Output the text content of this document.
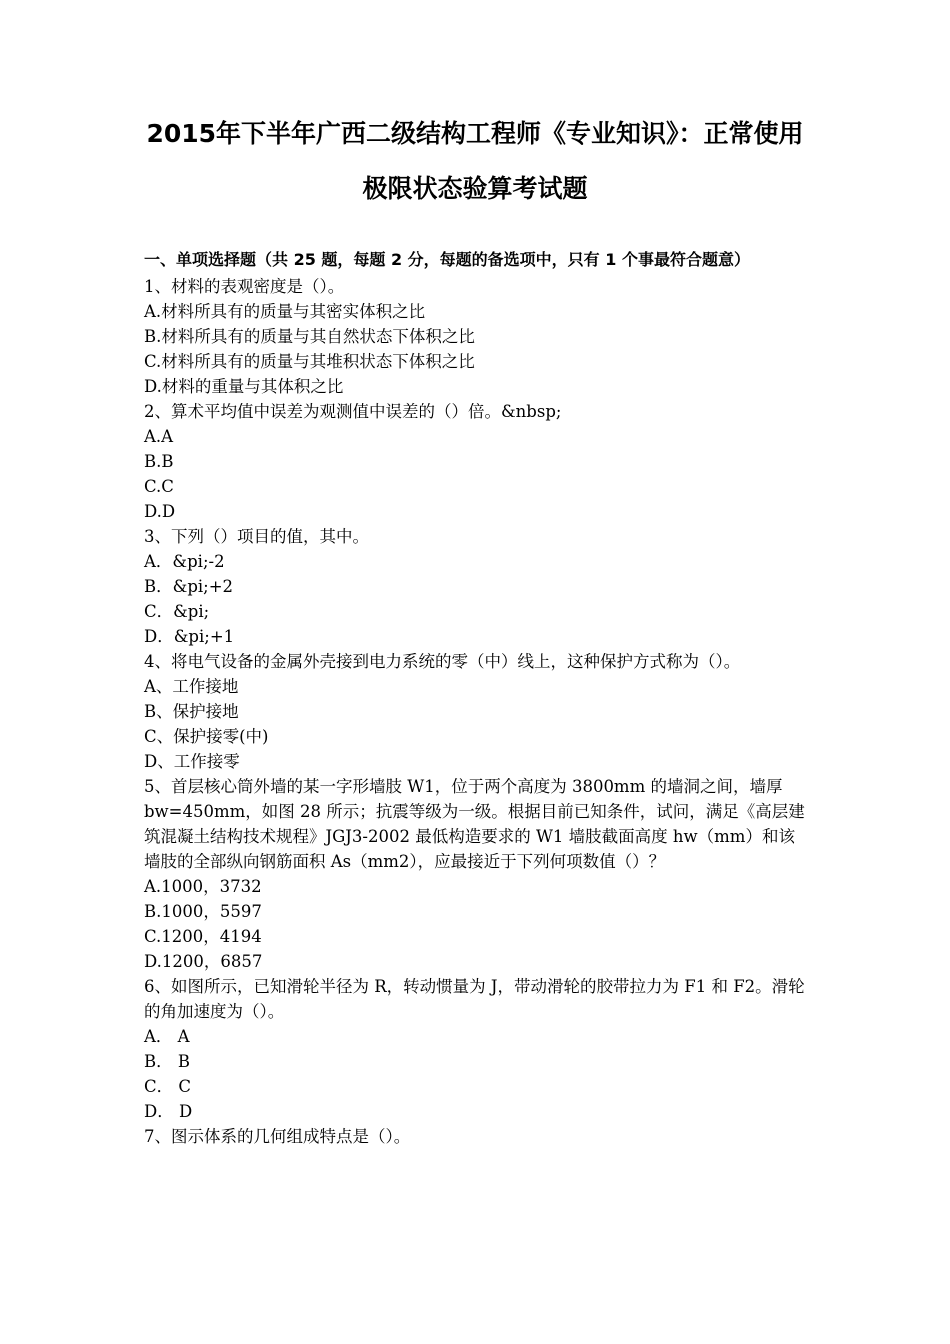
2015年下半年广西二级结构工程师《专业知识》：正常使用
极限状态验算考试题
一、单项选择题（共 25 题，每题 2 分，每题的备选项中，只有 1 个事最符合题意）

1、材料的表观密度是（）。

A.材料所具有的质量与其密实体积之比

B.材料所具有的质量与其自然状态下体积之比

C.材料所具有的质量与其堆积状态下体积之比

D.材料的重量与其体积之比

2、算术平均值中误差为观测值中误差的（）倍。&nbsp;

A.A

B.B

C.C

D.D

3、下列（）项目的值，其中。

A．&pi;-2

B．&pi;+2

C．&pi;

D．&pi;+1

4、将电气设备的金属外壳接到电力系统的零（中）线上，这种保护方式称为（）。

A、工作接地

B、保护接地

C、保护接零(中)

D、工作接零

5、首层核心筒外墙的某一字形墙肢 W1，位于两个高度为 3800mm 的墙洞之间，墙厚 bw=450mm，如图 28 所示；抗震等级为一级。根据目前已知条件，试问，满足《高层建筑混凝土结构技术规程》JGJ3-2002 最低构造要求的 W1 墙肢截面高度 hw（mm）和该墙肢的全部纵向钢筋面积 As（mm2），应最接近于下列何项数值（）？

A.1000，3732

B.1000，5597

C.1200，4194

D.1200，6857

6、如图所示，已知滑轮半径为 R，转动惯量为 J，带动滑轮的胶带拉力为 F1 和 F2。滑轮的角加速度为（）。

A． A

B． B

C． C

D． D

7、图示体系的几何组成特点是（）。
